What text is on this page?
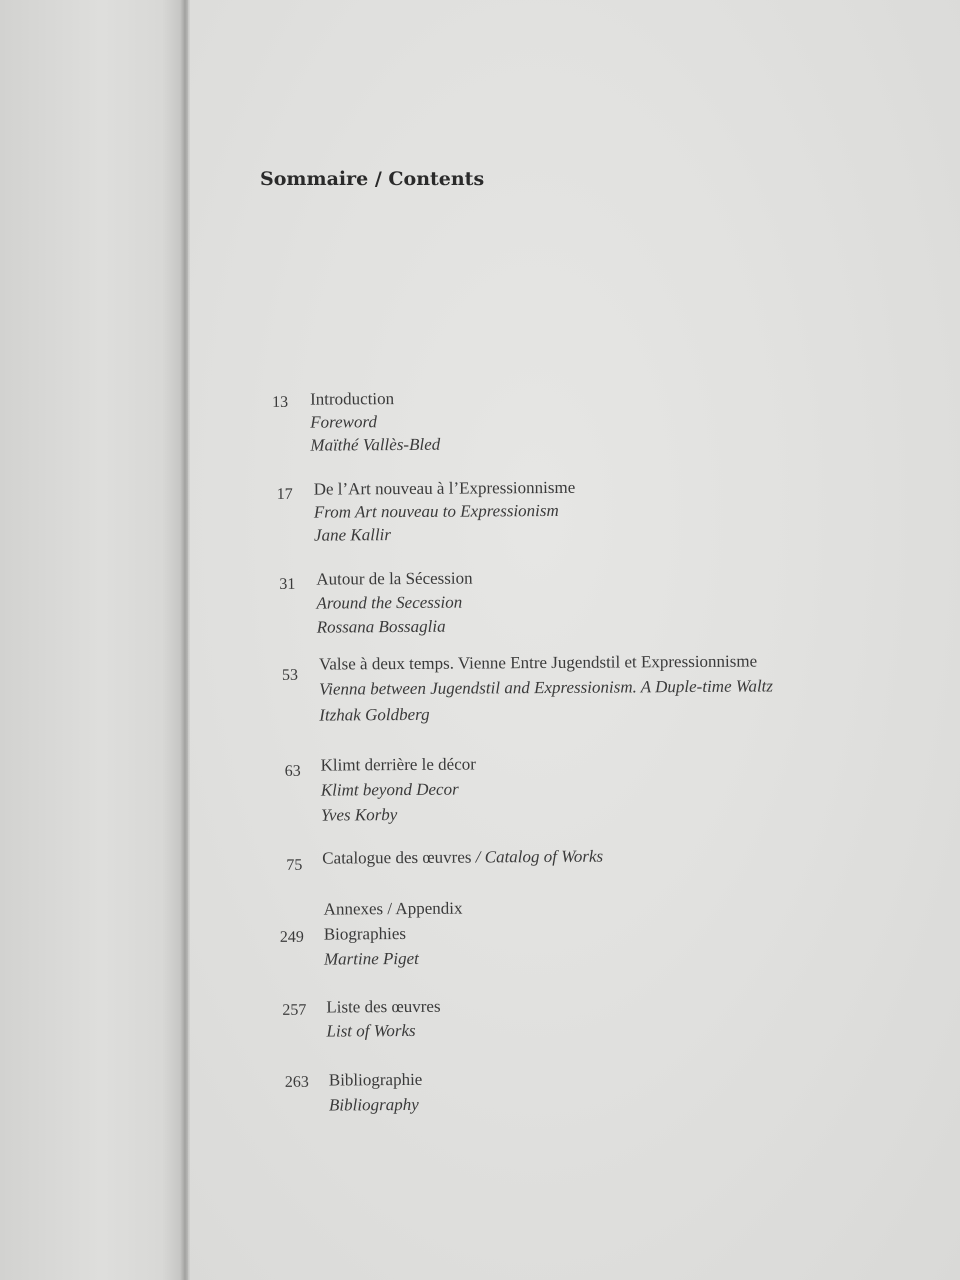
Sommaire / Contents
13 Introduction
Foreword
Maïthé Vallès-Bled
17 De l’Art nouveau à l’Expressionnisme
From Art nouveau to Expressionism
Jane Kallir
31 Autour de la Sécession
Around the Secession
Rossana Bossaglia
53
Valse à deux temps. Vienne Entre Jugendstil et Expressionnisme
Vienna between Jugendstil and Expressionism. A Duple-time Waltz
Itzhak Goldberg
63 Klimt derrière le décor
Klimt beyond Decor
Yves Korby
75 Catalogue des œuvres / Catalog of Works
Annexes / Appendix
249 Biographies
Martine Piget
257 Liste des œuvres
List of Works
263 Bibliographie
Bibliography
